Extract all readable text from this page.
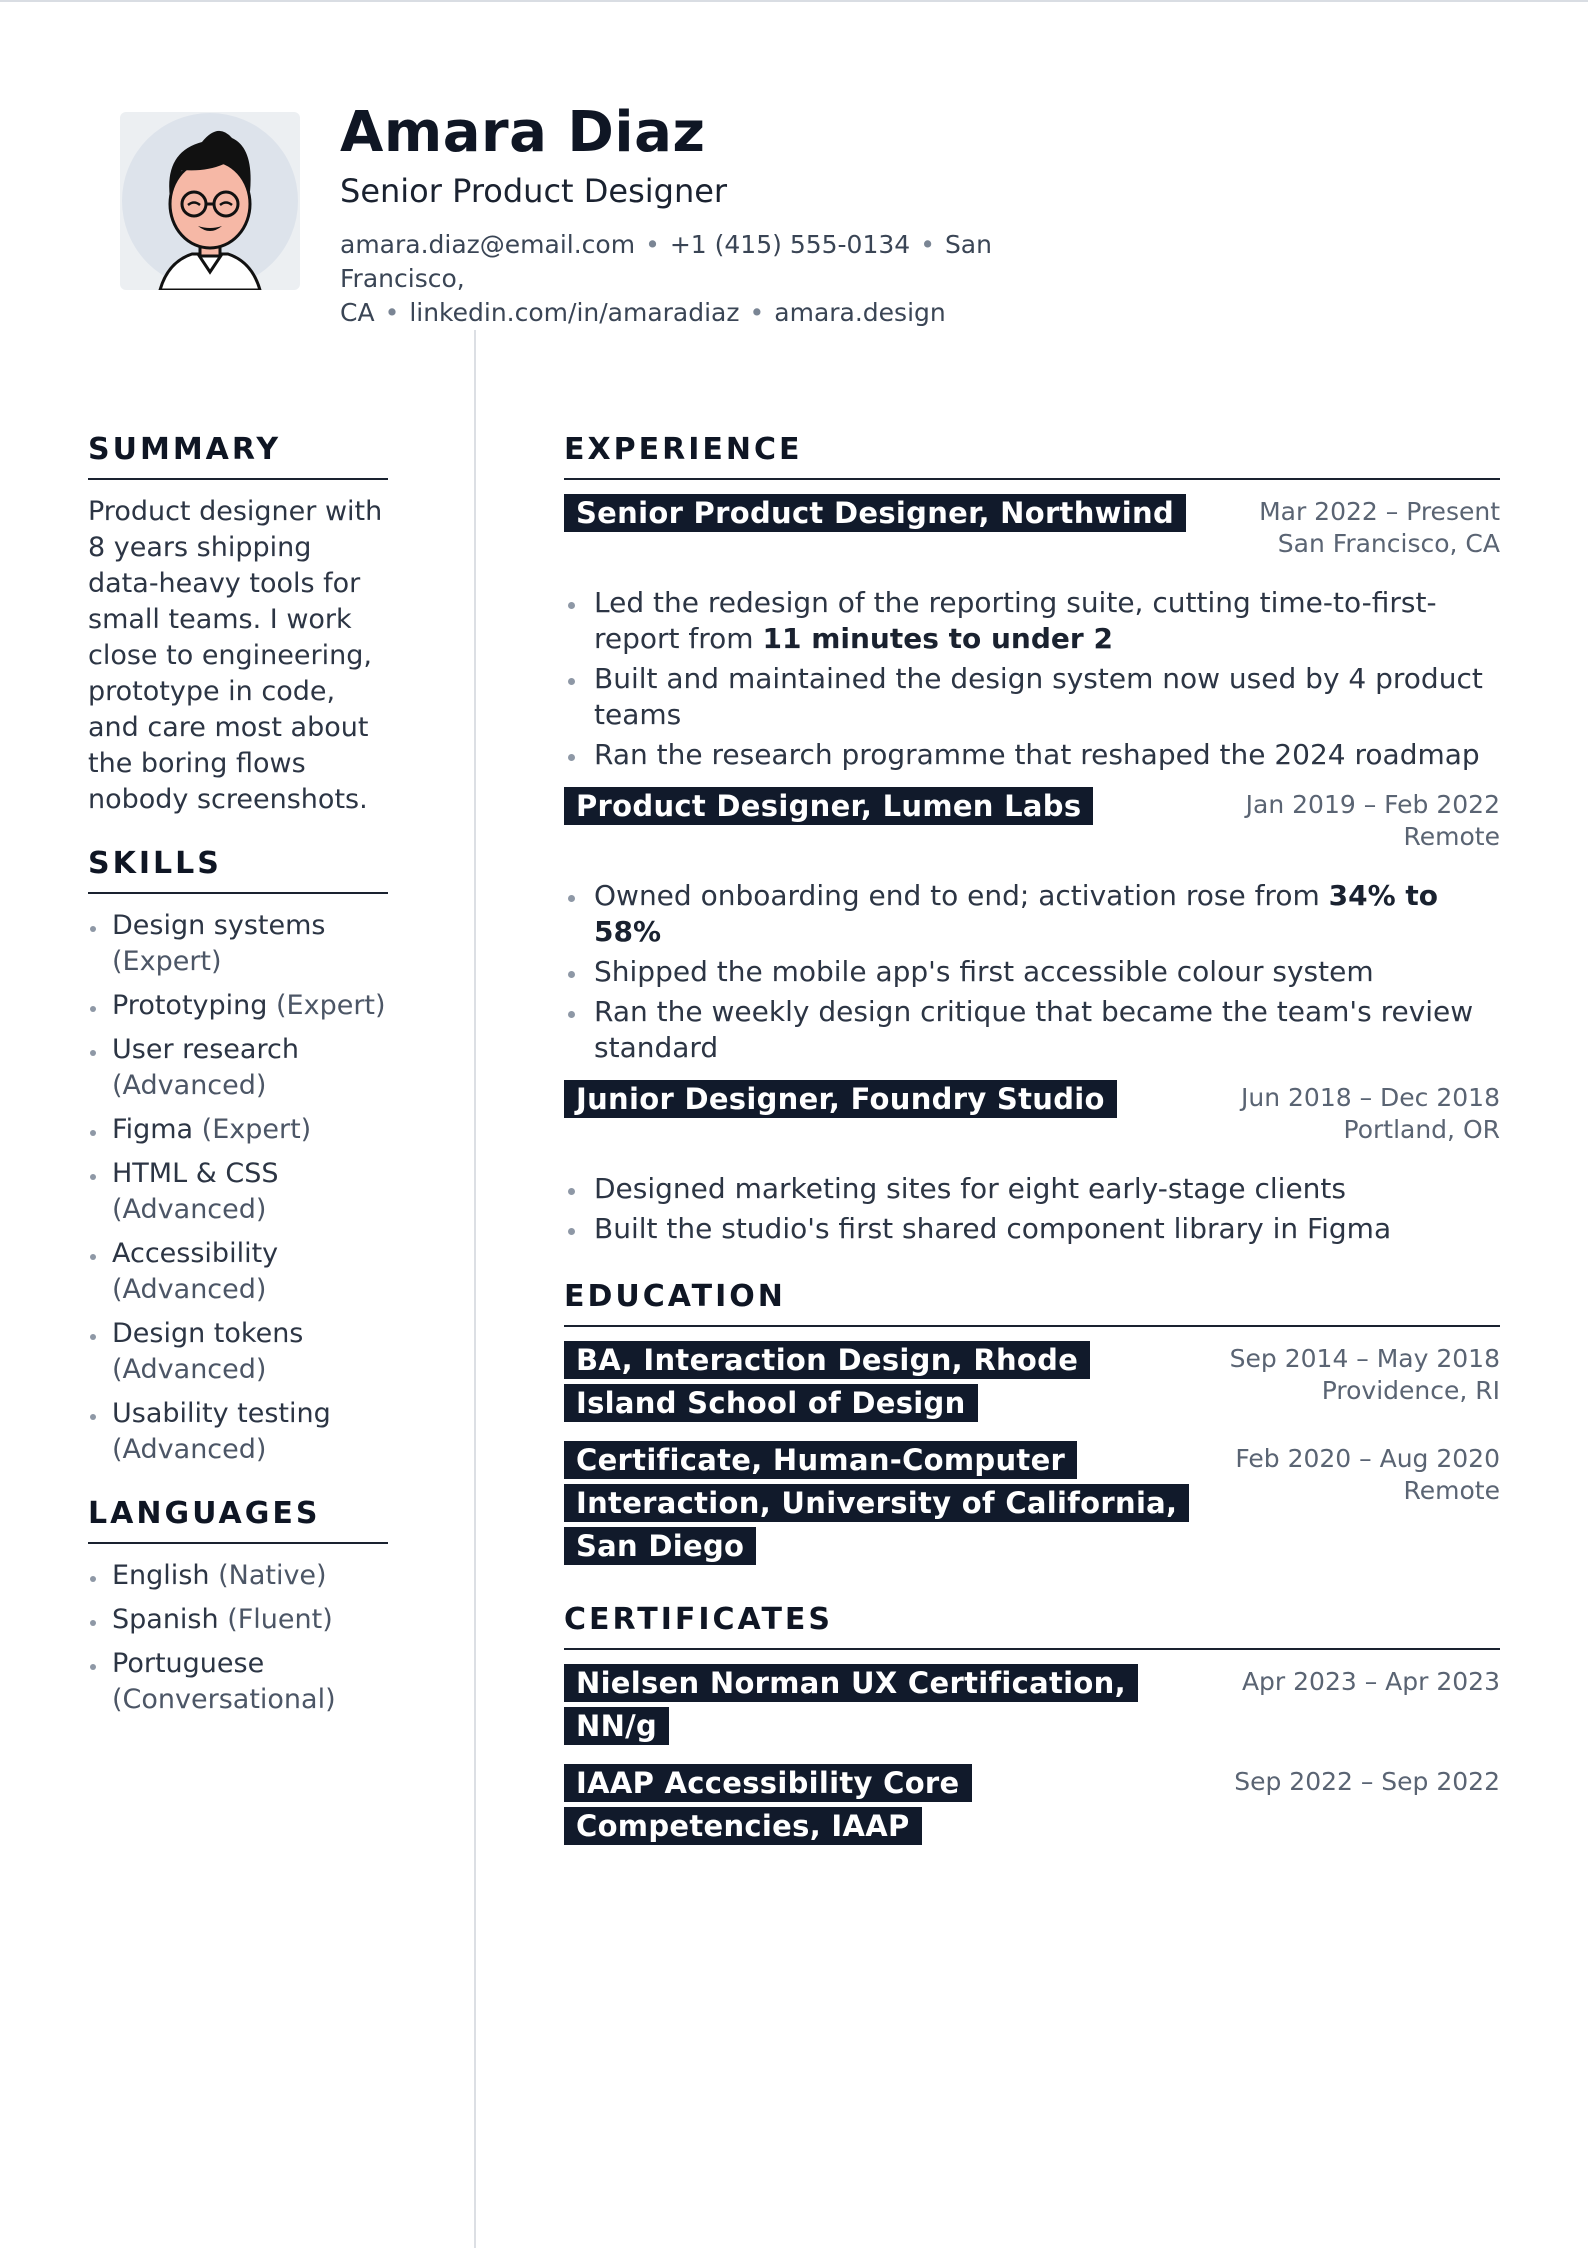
Amara Diaz
Senior Product Designer
amara.diaz@email.com • +1 (415) 555-0134 • San Francisco,
CA • linkedin.com/in/amaradiaz • amara.design
SUMMARY
Product designer with 8 years shipping data-heavy tools for small teams. I work close to engineering, prototype in code, and care most about the boring flows nobody screenshots.
SKILLS
Design systems (Expert)
Prototyping (Expert)
User research (Advanced)
Figma (Expert)
HTML & CSS (Advanced)
Accessibility (Advanced)
Design tokens (Advanced)
Usability testing (Advanced)
LANGUAGES
English (Native)
Spanish (Fluent)
Portuguese (Conversational)
EXPERIENCE
Senior Product Designer, Northwind	Mar 2022 – Present
San Francisco, CA
Led the redesign of the reporting suite, cutting time-to-first-report from 11 minutes to under 2
Built and maintained the design system now used by 4 product teams
Ran the research programme that reshaped the 2024 roadmap
Product Designer, Lumen Labs	Jan 2019 – Feb 2022
Remote
Owned onboarding end to end; activation rose from 34% to 58%
Shipped the mobile app's first accessible colour system
Ran the weekly design critique that became the team's review standard
Junior Designer, Foundry Studio	Jun 2018 – Dec 2018
Portland, OR
Designed marketing sites for eight early-stage clients
Built the studio's first shared component library in Figma
EDUCATION
BA, Interaction Design, Rhode Island School of Design
Sep 2014 – May 2018
Providence, RI
Certificate, Human-Computer Interaction, University of California, San Diego
Feb 2020 – Aug 2020
Remote
CERTIFICATES
Nielsen Norman UX Certification, NN/g
Apr 2023 – Apr 2023
IAAP Accessibility Core Competencies, IAAP
Sep 2022 – Sep 2022
